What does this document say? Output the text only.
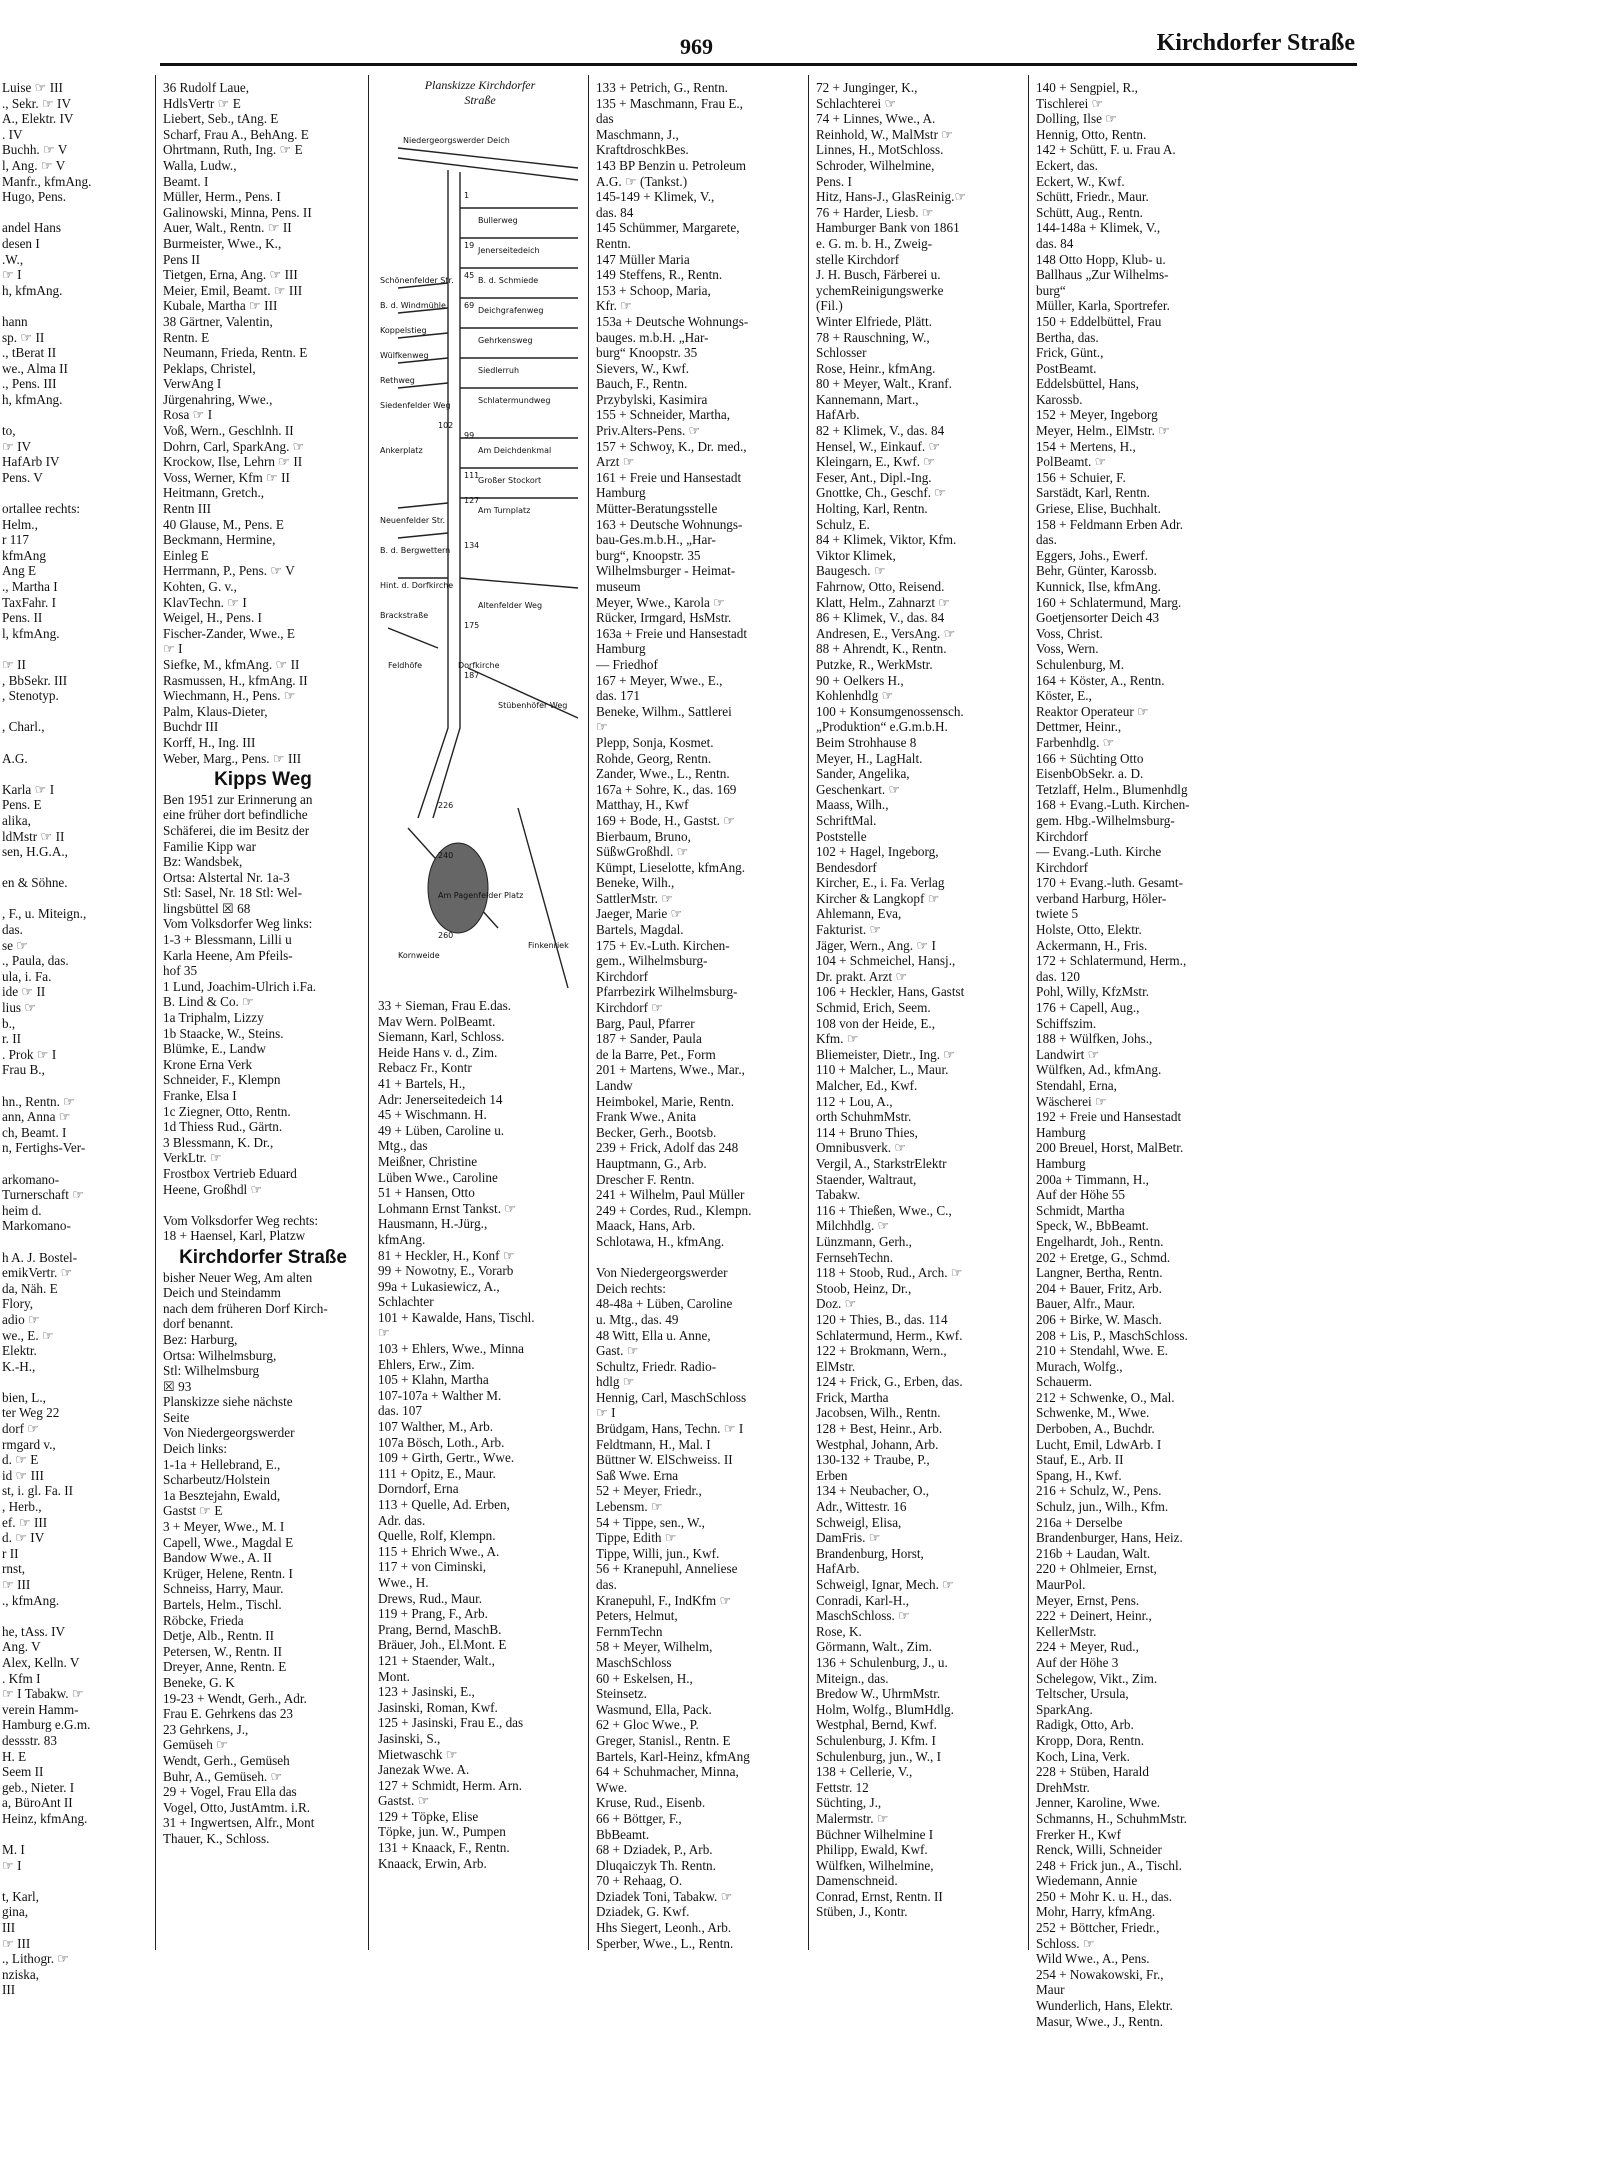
969	Kirchdorfer Straße
Luise ☞ III
., Sekr. ☞ IV
A., Elektr. IV
. IV
Buchh. ☞ V
l, Ang. ☞ V
Manfr., kfmAng.
Hugo, Pens.

andel Hans
desen I
.W.,
☞ I
h, kfmAng.

hann
sp. ☞ II
., tBerat II
we., Alma II
., Pens. III
h, kfmAng.

to,
☞ IV
HafArb IV
Pens. V

ortallee rechts:
Helm.,
r 117
kfmAng
Ang E
., Martha I
TaxFahr. I
Pens. II
l, kfmAng.

☞ II
, BbSekr. III
, Stenotyp.

, Charl.,

A.G.

Karla ☞ I
Pens. E
alika,
ldMstr ☞ II
sen, H.G.A.,

en & Söhne.

, F., u. Miteign.,
das.
se ☞
., Paula, das.
ula, i. Fa.
ide ☞ II
lius ☞
b.,
r. II
. Prok ☞ I
Frau B.,

hn., Rentn. ☞
ann, Anna ☞
ch, Beamt. I
n, Fertighs-Ver-

arkomano-
Turnerschaft ☞
heim d.
Markomano-

h A. J. Bostel-
emikVertr. ☞
da, Näh. E
Flory,
adio ☞
we., E. ☞
Elektr.
K.-H.,

bien, L.,
ter Weg 22
dorf ☞
rmgard v.,
d. ☞ E
id ☞ III
st, i. gl. Fa. II
, Herb.,
ef. ☞ III
d. ☞ IV
r II
rnst,
☞ III
., kfmAng.

he, tAss. IV
Ang. V
Alex, Kelln. V
. Kfm I
☞ I Tabakw. ☞
verein Hamm-
Hamburg e.G.m.
dessstr. 83
H. E
Seem II
geb., Nieter. I
a, BüroAnt II
Heinz, kfmAng.

M. I
☞ I

t, Karl,
gina,
III
☞ III
., Lithogr. ☞
nziska,
III
36 Rudolf Laue,
HdlsVertr ☞ E
Liebert, Seb., tAng. E
Scharf, Frau A., BehAng. E
Ohrtmann, Ruth, Ing. ☞ E
Walla, Ludw.,
Beamt. I
Müller, Herm., Pens. I
Galinowski, Minna, Pens. II
Auer, Walt., Rentn. ☞ II
Burmeister, Wwe., K.,
Pens II
Tietgen, Erna, Ang. ☞ III
Meier, Emil, Beamt. ☞ III
Kubale, Martha ☞ III
38 Gärtner, Valentin,
Rentn. E
Neumann, Frieda, Rentn. E
Peklaps, Christel,
VerwAng I
Jürgenahring, Wwe.,
Rosa ☞ I
Voß, Wern., Geschlnh. II
Dohrn, Carl, SparkAng. ☞
Krockow, Ilse, Lehrn ☞ II
Voss, Werner, Kfm ☞ II
Heitmann, Gretch.,
Rentn III
40 Glause, M., Pens. E
Beckmann, Hermine,
Einleg E
Herrmann, P., Pens. ☞ V
Kohten, G. v.,
KlavTechn. ☞ I
Weigel, H., Pens. I
Fischer-Zander, Wwe., E
☞ I
Siefke, M., kfmAng. ☞ II
Rasmussen, H., kfmAng. II
Wiechmann, H., Pens. ☞
Palm, Klaus-Dieter,
Buchdr III
Korff, H., Ing. III
Weber, Marg., Pens. ☞ III
Kipps Weg
Ben 1951 zur Erinnerung an
eine früher dort befindliche
Schäferei, die im Besitz der
Familie Kipp war
Bz: Wandsbek,
Ortsa: Alstertal Nr. 1a-3
Stl: Sasel, Nr. 18 Stl: Wel-
lingsbüttel ☒ 68
Vom Volksdorfer Weg links:
1-3 + Blessmann, Lilli u
Karla Heene, Am Pfeils-
hof 35
1 Lund, Joachim-Ulrich i.Fa.
B. Lind & Co. ☞
1a Triphalm, Lizzy
1b Staacke, W., Steins.
Blümke, E., Landw
Krone Erna Verk
Schneider, F., Klempn
Franke, Elsa I
1c Ziegner, Otto, Rentn.
1d Thiess Rud., Gärtn.
3 Blessmann, K. Dr.,
VerkLtr. ☞
Frostbox Vertrieb Eduard
Heene, Großhdl ☞

Vom Volksdorfer Weg rechts:
18 + Haensel, Karl, Platzw
Kirchdorfer Straße
bisher Neuer Weg, Am alten
Deich und Steindamm
nach dem früheren Dorf Kirch-
dorf benannt.
Bez: Harburg,
Ortsa: Wilhelmsburg,
Stl: Wilhelmsburg
☒ 93
Planskizze siehe nächste
Seite
Von Niedergeorgswerder
Deich links:
1-1a + Hellebrand, E.,
Scharbeutz/Holstein
1a Besztejahn, Ewald,
Gastst ☞ E
3 + Meyer, Wwe., M. I
Capell, Wwe., Magdal E
Bandow Wwe., A. II
Krüger, Helene, Rentn. I
Schneiss, Harry, Maur.
Bartels, Helm., Tischl.
Röbcke, Frieda
Detje, Alb., Rentn. II
Petersen, W., Rentn. II
Dreyer, Anne, Rentn. E
Beneke, G. K
19-23 + Wendt, Gerh., Adr.
Frau E. Gehrkens das 23
23 Gehrkens, J.,
Gemüseh ☞
Wendt, Gerh., Gemüseh
Buhr, A., Gemüseh. ☞
29 + Vogel, Frau Ella das
Vogel, Otto, JustAmtm. i.R.
31 + Ingwertsen, Alfr., Mont
Thauer, K., Schloss.
Planskizze Kirchdorfer
Straße
Niedergeorgswerder Deich
Bullerweg
Jenerseitedeich
B. d. Schmiede
Schönenfelder Str.
B. d. Windmühle
Deichgrafenweg
Koppelstieg
Gehrkensweg
Wülfkenweg
Siedlerruh
Rethweg
Schlatermundweg
Siedenfelder Weg
Am Deichdenkmal
Ankerplatz
Großer Stockort
Am Turnplatz
Neuenfelder Str.
B. d. Bergwettern
Hint. d. Dorfkirche
Brackstraße
Altenfelder Weg
Feldhöfe
Stübenhöfer Weg
Dorfkirche
Am Pagenfelder Platz
Kornweide
Finkenriek
1
19
45
69
102
99
111
127
134
175
187
226
240
260
33 + Sieman, Frau E.das.
Mav Wern. PolBeamt.
Siemann, Karl, Schloss.
Heide Hans v. d., Zim.
Rebacz Fr., Kontr
41 + Bartels, H.,
Adr: Jenerseitedeich 14
45 + Wischmann. H.
49 + Lüben, Caroline u.
Mtg., das
Meißner, Christine
Lüben Wwe., Caroline
51 + Hansen, Otto
Lohmann Ernst Tankst. ☞
Hausmann, H.-Jürg.,
kfmAng.
81 + Heckler, H., Konf ☞
99 + Nowotny, E., Vorarb
99a + Lukasiewicz, A.,
Schlachter
101 + Kawalde, Hans, Tischl.
☞
103 + Ehlers, Wwe., Minna
Ehlers, Erw., Zim.
105 + Klahn, Martha
107-107a + Walther M.
das. 107
107 Walther, M., Arb.
107a Bösch, Loth., Arb.
109 + Girth, Gertr., Wwe.
111 + Opitz, E., Maur.
Dorndorf, Erna
113 + Quelle, Ad. Erben,
Adr. das.
Quelle, Rolf, Klempn.
115 + Ehrich Wwe., A.
117 + von Ciminski,
Wwe., H.
Drews, Rud., Maur.
119 + Prang, F., Arb.
Prang, Bernd, MaschB.
Bräuer, Joh., El.Mont. E
121 + Staender, Walt.,
Mont.
123 + Jasinski, E.,
Jasinski, Roman, Kwf.
125 + Jasinski, Frau E., das
Jasinski, S.,
Mietwaschk ☞
Janezak Wwe. A.
127 + Schmidt, Herm. Arn.
Gastst. ☞
129 + Töpke, Elise
Töpke, jun. W., Pumpen
131 + Knaack, F., Rentn.
Knaack, Erwin, Arb.
133 + Petrich, G., Rentn.
135 + Maschmann, Frau E.,
das
Maschmann, J.,
KraftdroschkBes.
143 BP Benzin u. Petroleum
A.G. ☞ (Tankst.)
145-149 + Klimek, V.,
das. 84
145 Schümmer, Margarete,
Rentn.
147 Müller Maria
149 Steffens, R., Rentn.
153 + Schoop, Maria,
Kfr. ☞
153a + Deutsche Wohnungs-
bauges. m.b.H. „Har-
burg“ Knoopstr. 35
Sievers, W., Kwf.
Bauch, F., Rentn.
Przybylski, Kasimira
155 + Schneider, Martha,
Priv.Alters-Pens. ☞
157 + Schwoy, K., Dr. med.,
Arzt ☞
161 + Freie und Hansestadt
Hamburg
Mütter-Beratungsstelle
163 + Deutsche Wohnungs-
bau-Ges.m.b.H., „Har-
burg“, Knoopstr. 35
Wilhelmsburger - Heimat-
museum
Meyer, Wwe., Karola ☞
Rücker, Irmgard, HsMstr.
163a + Freie und Hansestadt
Hamburg
— Friedhof
167 + Meyer, Wwe., E.,
das. 171
Beneke, Wilhm., Sattlerei
☞
Plepp, Sonja, Kosmet.
Rohde, Georg, Rentn.
Zander, Wwe., L., Rentn.
167a + Sohre, K., das. 169
Matthay, H., Kwf
169 + Bode, H., Gastst. ☞
Bierbaum, Bruno,
SüßwGroßhdl. ☞
Kümpt, Lieselotte, kfmAng.
Beneke, Wilh.,
SattlerMstr. ☞
Jaeger, Marie ☞
Bartels, Magdal.
175 + Ev.-Luth. Kirchen-
gem., Wilhelmsburg-
Kirchdorf
Pfarrbezirk Wilhelmsburg-
Kirchdorf ☞
Barg, Paul, Pfarrer
187 + Sander, Paula
de la Barre, Pet., Form
201 + Martens, Wwe., Mar.,
Landw
Heimbokel, Marie, Rentn.
Frank Wwe., Anita
Becker, Gerh., Bootsb.
239 + Frick, Adolf das 248
Hauptmann, G., Arb.
Drescher F. Rentn.
241 + Wilhelm, Paul Müller
249 + Cordes, Rud., Klempn.
Maack, Hans, Arb.
Schlotawa, H., kfmAng.

Von Niedergeorgswerder
Deich rechts:
48-48a + Lüben, Caroline
u. Mtg., das. 49
48 Witt, Ella u. Anne,
Gast. ☞
Schultz, Friedr. Radio-
hdlg ☞
Hennig, Carl, MaschSchloss
☞ I
Brüdgam, Hans, Techn. ☞ I
Feldtmann, H., Mal. I
Büttner W. ElSchweiss. II
Saß Wwe. Erna
52 + Meyer, Friedr.,
Lebensm. ☞
54 + Tippe, sen., W.,
Tippe, Edith ☞
Tippe, Willi, jun., Kwf.
56 + Kranepuhl, Anneliese
das.
Kranepuhl, F., IndKfm ☞
Peters, Helmut,
FernmTechn
58 + Meyer, Wilhelm,
MaschSchloss
60 + Eskelsen, H.,
Steinsetz.
Wasmund, Ella, Pack.
62 + Gloc Wwe., P.
Greger, Stanisl., Rentn. E
Bartels, Karl-Heinz, kfmAng
64 + Schuhmacher, Minna,
Wwe.
Kruse, Rud., Eisenb.
66 + Böttger, F.,
BbBeamt.
68 + Dziadek, P., Arb.
Dluqaiczyk Th. Rentn.
70 + Rehaag, O.
Dziadek Toni, Tabakw. ☞
Dziadek, G. Kwf.
Hhs Siegert, Leonh., Arb.
Sperber, Wwe., L., Rentn.
72 + Junginger, K.,
Schlachterei ☞
74 + Linnes, Wwe., A.
Reinhold, W., MalMstr ☞
Linnes, H., MotSchloss.
Schroder, Wilhelmine,
Pens. I
Hitz, Hans-J., GlasReinig.☞
76 + Harder, Liesb. ☞
Hamburger Bank von 1861
e. G. m. b. H., Zweig-
stelle Kirchdorf
J. H. Busch, Färberei u.
ychemReinigungswerke
(Fil.)
Winter Elfriede, Plätt.
78 + Rauschning, W.,
Schlosser
Rose, Heinr., kfmAng.
80 + Meyer, Walt., Kranf.
Kannemann, Mart.,
HafArb.
82 + Klimek, V., das. 84
Hensel, W., Einkauf. ☞
Kleingarn, E., Kwf. ☞
Feser, Ant., Dipl.-Ing.
Gnottke, Ch., Geschf. ☞
Holting, Karl, Rentn.
Schulz, E.
84 + Klimek, Viktor, Kfm.
Viktor Klimek,
Baugesch. ☞
Fahrnow, Otto, Reisend.
Klatt, Helm., Zahnarzt ☞
86 + Klimek, V., das. 84
Andresen, E., VersAng. ☞
88 + Ahrendt, K., Rentn.
Putzke, R., WerkMstr.
90 + Oelkers H.,
Kohlenhdlg ☞
100 + Konsumgenossensch.
„Produktion“ e.G.m.b.H.
Beim Strohhause 8
Meyer, H., LagHalt.
Sander, Angelika,
Geschenkart. ☞
Maass, Wilh.,
SchriftMal.
Poststelle
102 + Hagel, Ingeborg,
Bendesdorf
Kircher, E., i. Fa. Verlag
Kircher & Langkopf ☞
Ahlemann, Eva,
Fakturist. ☞
Jäger, Wern., Ang. ☞ I
104 + Schmeichel, Hansj.,
Dr. prakt. Arzt ☞
106 + Heckler, Hans, Gastst
Schmid, Erich, Seem.
108 von der Heide, E.,
Kfm. ☞
Bliemeister, Dietr., Ing. ☞
110 + Malcher, L., Maur.
Malcher, Ed., Kwf.
112 + Lou, A.,
orth SchuhmMstr.
114 + Bruno Thies,
Omnibusverk. ☞
Vergil, A., StarkstrElektr
Staender, Waltraut,
Tabakw.
116 + Thießen, Wwe., C.,
Milchhdlg. ☞
Lünzmann, Gerh.,
FernsehTechn.
118 + Stoob, Rud., Arch. ☞
Stoob, Heinz, Dr.,
Doz. ☞
120 + Thies, B., das. 114
Schlatermund, Herm., Kwf.
122 + Brokmann, Wern.,
ElMstr.
124 + Frick, G., Erben, das.
Frick, Martha
Jacobsen, Wilh., Rentn.
128 + Best, Heinr., Arb.
Westphal, Johann, Arb.
130-132 + Traube, P.,
Erben
134 + Neubacher, O.,
Adr., Wittestr. 16
Schweigl, Elisa,
DamFris. ☞
Brandenburg, Horst,
HafArb.
Schweigl, Ignar, Mech. ☞
Conradi, Karl-H.,
MaschSchloss. ☞
Rose, K.
Görmann, Walt., Zim.
136 + Schulenburg, J., u.
Miteign., das.
Bredow W., UhrmMstr.
Holm, Wolfg., BlumHdlg.
Westphal, Bernd, Kwf.
Schulenburg, J. Kfm. I
Schulenburg, jun., W., I
138 + Cellerie, V.,
Fettstr. 12
Süchting, J.,
Malermstr. ☞
Büchner Wilhelmine I
Philipp, Ewald, Kwf.
Wülfken, Wilhelmine,
Damenschneid.
Conrad, Ernst, Rentn. II
Stüben, J., Kontr.
140 + Sengpiel, R.,
Tischlerei ☞
Dolling, Ilse ☞
Hennig, Otto, Rentn.
142 + Schütt, F. u. Frau A.
Eckert, das.
Eckert, W., Kwf.
Schütt, Friedr., Maur.
Schütt, Aug., Rentn.
144-148a + Klimek, V.,
das. 84
148 Otto Hopp, Klub- u.
Ballhaus „Zur Wilhelms-
burg“
Müller, Karla, Sportrefer.
150 + Eddelbüttel, Frau
Bertha, das.
Frick, Günt.,
PostBeamt.
Eddelsbüttel, Hans,
Karossb.
152 + Meyer, Ingeborg
Meyer, Helm., ElMstr. ☞
154 + Mertens, H.,
PolBeamt. ☞
156 + Schuier, F.
Sarstädt, Karl, Rentn.
Griese, Elise, Buchhalt.
158 + Feldmann Erben Adr.
das.
Eggers, Johs., Ewerf.
Behr, Günter, Karossb.
Kunnick, Ilse, kfmAng.
160 + Schlatermund, Marg.
Goetjensorter Deich 43
Voss, Christ.
Voss, Wern.
Schulenburg, M.
164 + Köster, A., Rentn.
Köster, E.,
Reaktor Operateur ☞
Dettmer, Heinr.,
Farbenhdlg. ☞
166 + Süchting Otto
EisenbObSekr. a. D.
Tetzlaff, Helm., Blumenhdlg
168 + Evang.-Luth. Kirchen-
gem. Hbg.-Wilhelmsburg-
Kirchdorf
— Evang.-Luth. Kirche
Kirchdorf
170 + Evang.-luth. Gesamt-
verband Harburg, Höler-
twiete 5
Holste, Otto, Elektr.
Ackermann, H., Fris.
172 + Schlatermund, Herm.,
das. 120
Pohl, Willy, KfzMstr.
176 + Capell, Aug.,
Schiffszim.
188 + Wülfken, Johs.,
Landwirt ☞
Wülfken, Ad., kfmAng.
Stendahl, Erna,
Wäscherei ☞
192 + Freie und Hansestadt
Hamburg
200 Breuel, Horst, MalBetr.
Hamburg
200a + Timmann, H.,
Auf der Höhe 55
Schmidt, Martha
Speck, W., BbBeamt.
Engelhardt, Joh., Rentn.
202 + Eretge, G., Schmd.
Langner, Bertha, Rentn.
204 + Bauer, Fritz, Arb.
Bauer, Alfr., Maur.
206 + Birke, W. Masch.
208 + Lis, P., MaschSchloss.
210 + Stendahl, Wwe. E.
Murach, Wolfg.,
Schauerm.
212 + Schwenke, O., Mal.
Schwenke, M., Wwe.
Derboben, A., Buchdr.
Lucht, Emil, LdwArb. I
Stauf, E., Arb. II
Spang, H., Kwf.
216 + Schulz, W., Pens.
Schulz, jun., Wilh., Kfm.
216a + Derselbe
Brandenburger, Hans, Heiz.
216b + Laudan, Walt.
220 + Ohlmeier, Ernst,
MaurPol.
Meyer, Ernst, Pens.
222 + Deinert, Heinr.,
KellerMstr.
224 + Meyer, Rud.,
Auf der Höhe 3
Schelegow, Vikt., Zim.
Teltscher, Ursula,
SparkAng.
Radigk, Otto, Arb.
Kropp, Dora, Rentn.
Koch, Lina, Verk.
228 + Stüben, Harald
DrehMstr.
Jenner, Karoline, Wwe.
Schmanns, H., SchuhmMstr.
Frerker H., Kwf
Renck, Willi, Schneider
248 + Frick jun., A., Tischl.
Wiedemann, Annie
250 + Mohr K. u. H., das.
Mohr, Harry, kfmAng.
252 + Böttcher, Friedr.,
Schloss. ☞
Wild Wwe., A., Pens.
254 + Nowakowski, Fr.,
Maur
Wunderlich, Hans, Elektr.
Masur, Wwe., J., Rentn.
